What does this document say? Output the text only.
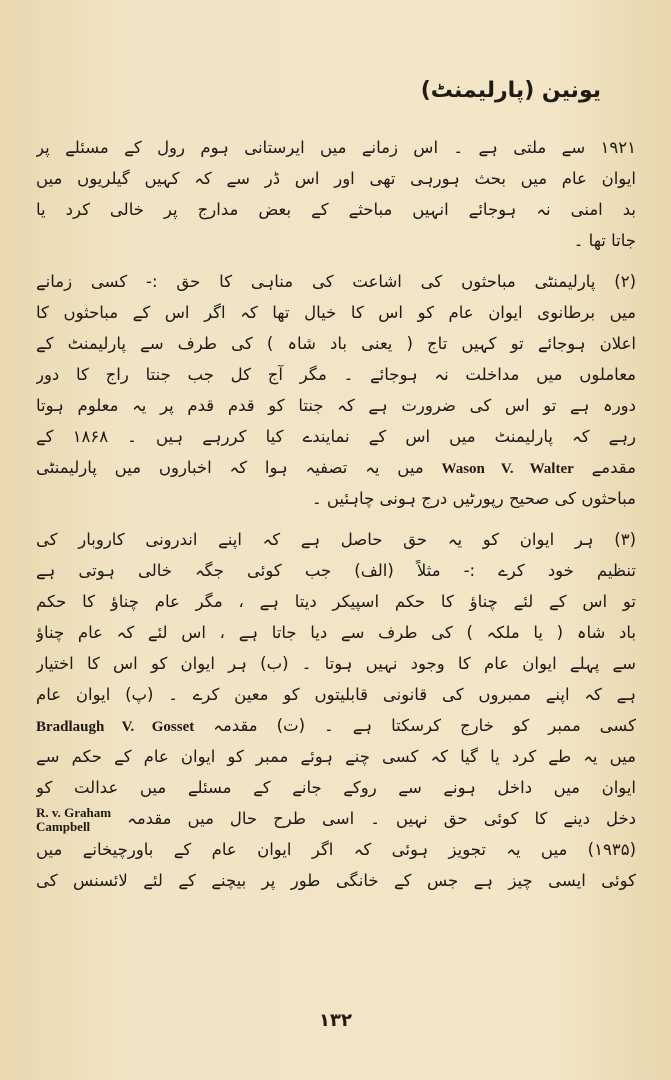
یونین (پارلیمنٹ)
۱۹۲۱ سے ملتی ہے ۔ اس زمانے میں ایرستانی ہوم رول کے مسئلے پر
ایوان عام میں بحث ہورہی تھی اور اس ڈر سے کہ کہیں گیلریوں میں
بد امنی نہ ہوجائے انہیں مباحثے کے بعض مدارج پر خالی کرد یا
جاتا تھا ۔
(۲) پارلیمنٹی مباحثوں کی اشاعت کی مناہی کا حق :- کسی زمانے
میں برطانوی ایوان عام کو اس کا خیال تھا کہ اگر اس کے مباحثوں کا
اعلان ہوجائے تو کہیں تاج ( یعنی باد شاہ ) کی طرف سے پارلیمنٹ کے
معاملوں میں مداخلت نہ ہوجائے ۔ مگر آج کل جب جنتا راج کا دور
دورہ ہے تو اس کی ضرورت ہے کہ جنتا کو قدم قدم پر یہ معلوم ہوتا
رہے کہ پارلیمنٹ میں اس کے نمایندے کیا کررہے ہیں ۔ ۱۸۶۸ کے
مقدمے Wason V. Walter میں یہ تصفیہ ہوا کہ اخباروں میں پارلیمنٹی
مباحثوں کی صحیح رپورٹیں درج ہونی چاہئیں ۔
(۳) ہر ایوان کو یہ حق حاصل ہے کہ اپنے اندرونی کاروبار کی
تنظیم خود کرے :- مثلاً (الف) جب کوئی جگہ خالی ہوتی ہے
تو اس کے لئے چناؤ کا حکم اسپیکر دیتا ہے ، مگر عام چناؤ کا حکم
باد شاہ ( یا ملکہ ) کی طرف سے دیا جاتا ہے ، اس لئے کہ عام چناؤ
سے پہلے ایوان عام کا وجود نہیں ہوتا ۔ (ب) ہر ایوان کو اس کا اختیار
ہے کہ اپنے ممبروں کی قانونی قابلیتوں کو معین کرے ۔ (پ) ایوان عام
کسی ممبر کو خارج کرسکتا ہے ۔ (ت) مقدمہ Bradlaugh V. Gosset
میں یہ طے کرد یا گیا کہ کسی چنے ہوئے ممبر کو ایوان عام کے حکم سے
ایوان میں داخل ہونے سے روکے جانے کے مسئلے میں عدالت کو
دخل دینے کا کوئی حق نہیں ۔ اسی طرح حال میں مقدمہ
R. v. Graham
Campbell
(۱۹۳۵) میں یہ تجویز ہوئی کہ اگر ایوان عام کے باورچیخانے میں
کوئی ایسی چیز ہے جس کے خانگی طور پر بیچنے کے لئے لائسنس کی
۱۳۲
